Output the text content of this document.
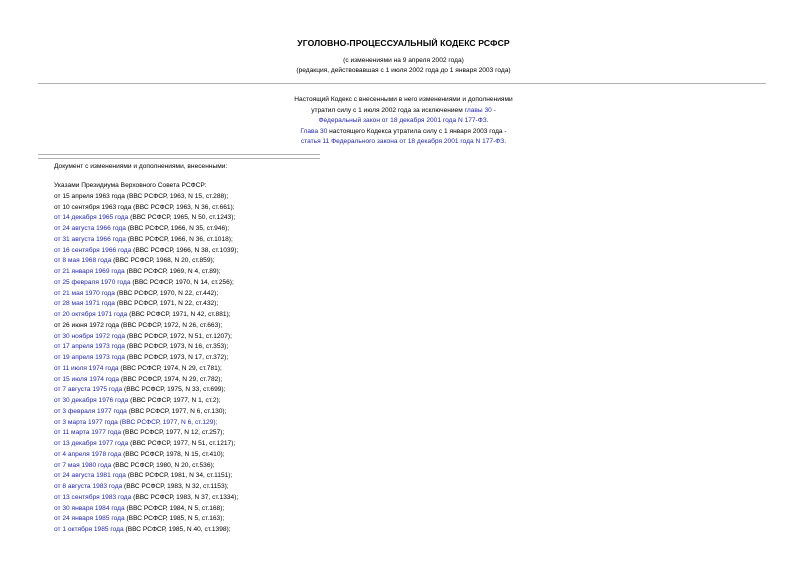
УГОЛОВНО-ПРОЦЕССУАЛЬНЫЙ КОДЕКС РСФСР
(с изменениями на 9 апреля 2002 года)
(редакция, действовавшая с 1 июля 2002 года до 1 января 2003 года)
Настоящий Кодекс с внесенными в него изменениями и дополнениями
утратил силу с 1 июля 2002 года за исключением главы 30 -
Федеральный закон от 18 декабря 2001 года N 177-ФЗ.
Глава 30 настоящего Кодекса утратила силу с 1 января 2003 года -
статья 11 Федерального закона от 18 декабря 2001 года N 177-ФЗ.
Документ с изменениями и дополнениями, внесенными:
Указами Президиума Верховного Совета РСФСР:
от 15 апреля 1963 года (ВВС РСФСР, 1963, N 15, ст.288);
от 10 сентября 1963 года (ВВС РСФСР, 1963, N 36, ст.661);
от 14 декабря 1965 года (ВВС РСФСР, 1965, N 50, ст.1243);
от 24 августа 1966 года (ВВС РСФСР, 1966, N 35, ст.946);
от 31 августа 1966 года (ВВС РСФСР, 1966, N 36, ст.1018);
от 16 сентября 1966 года (ВВС РСФСР, 1966, N 38, ст.1039);
от 8 мая 1968 года (ВВС РСФСР, 1968, N 20, ст.859);
от 21 января 1969 года (ВВС РСФСР, 1969, N 4, ст.89);
от 25 февраля 1970 года (ВВС РСФСР, 1970, N 14, ст.256);
от 21 мая 1970 года (ВВС РСФСР, 1970, N 22, ст.442);
от 28 мая 1971 года (ВВС РСФСР, 1971, N 22, ст.432);
от 20 октября 1971 года (ВВС РСФСР, 1971, N 42, ст.881);
от 26 июня 1972 года (ВВС РСФСР, 1972, N 26, ст.663);
от 30 ноября 1972 года (ВВС РСФСР, 1972, N 51, ст.1207);
от 17 апреля 1973 года (ВВС РСФСР, 1973, N 16, ст.353);
от 19 апреля 1973 года (ВВС РСФСР, 1973, N 17, ст.372);
от 11 июля 1974 года (ВВС РСФСР, 1974, N 29, ст.781);
от 15 июля 1974 года (ВВС РСФСР, 1974, N 29, ст.782);
от 7 августа 1975 года (ВВС РСФСР, 1975, N 33, ст.699);
от 30 декабря 1976 года (ВВС РСФСР, 1977, N 1, ст.2);
от 3 февраля 1977 года (ВВС РСФСР, 1977, N 6, ст.130);
от 3 марта 1977 года (ВВС РСФСР, 1977, N 6, ст.129);
от 11 марта 1977 года (ВВС РСФСР, 1977, N 12, ст.257);
от 13 декабря 1977 года (ВВС РСФСР, 1977, N 51, ст.1217);
от 4 апреля 1978 года (ВВС РСФСР, 1978, N 15, ст.410);
от 7 мая 1980 года (ВВС РСФСР, 1980, N 20, ст.536);
от 24 августа 1981 года (ВВС РСФСР, 1981, N 34, ст.1151);
от 8 августа 1983 года (ВВС РСФСР, 1983, N 32, ст.1153);
от 13 сентября 1983 года (ВВС РСФСР, 1983, N 37, ст.1334);
от 30 января 1984 года (ВВС РСФСР, 1984, N 5, ст.168);
от 24 января 1985 года (ВВС РСФСР, 1985, N 5, ст.163);
от 1 октября 1985 года (ВВС РСФСР, 1985, N 40, ст.1398);
